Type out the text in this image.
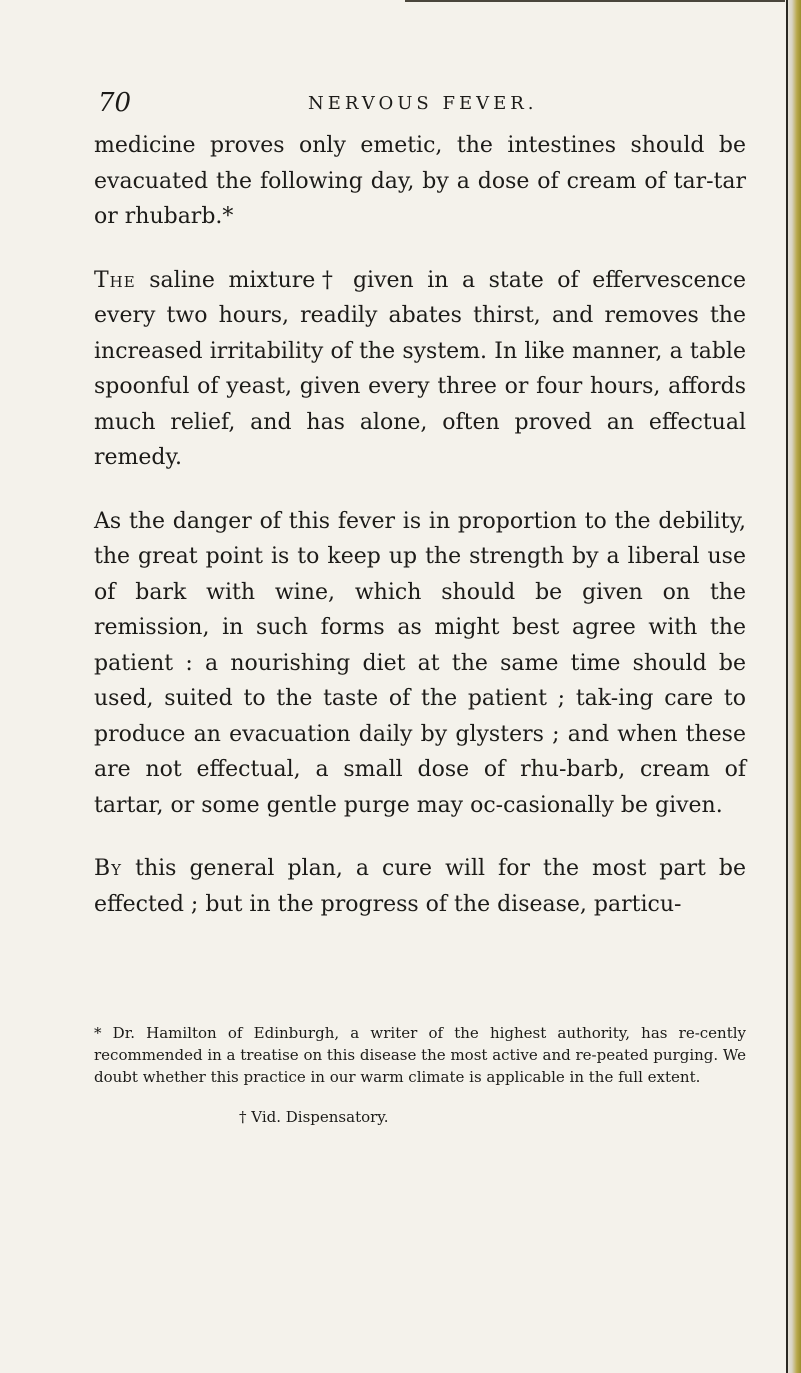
70	NERVOUS FEVER.

medicine proves only emetic, the intestines should be evacuated the following day, by a dose of cream of tar-tar or rhubarb.*

The saline mixture† given in a state of effervescence every two hours, readily abates thirst, and removes the increased irritability of the system. In like manner, a table spoonful of yeast, given every three or four hours, affords much relief, and has alone, often proved an effectual remedy.

As the danger of this fever is in proportion to the debility, the great point is to keep up the strength by a liberal use of bark with wine, which should be given on the remission, in such forms as might best agree with the patient : a nourishing diet at the same time should be used, suited to the taste of the patient ; tak-ing care to produce an evacuation daily by glysters ; and when these are not effectual, a small dose of rhu-barb, cream of tartar, or some gentle purge may oc-casionally be given.

By this general plan, a cure will for the most part be effected ; but in the progress of the disease, particu-

* Dr. Hamilton of Edinburgh, a writer of the highest authority, has re-cently recommended in a treatise on this disease the most active and re-peated purging. We doubt whether this practice in our warm climate is applicable in the full extent.

† Vid. Dispensatory.
